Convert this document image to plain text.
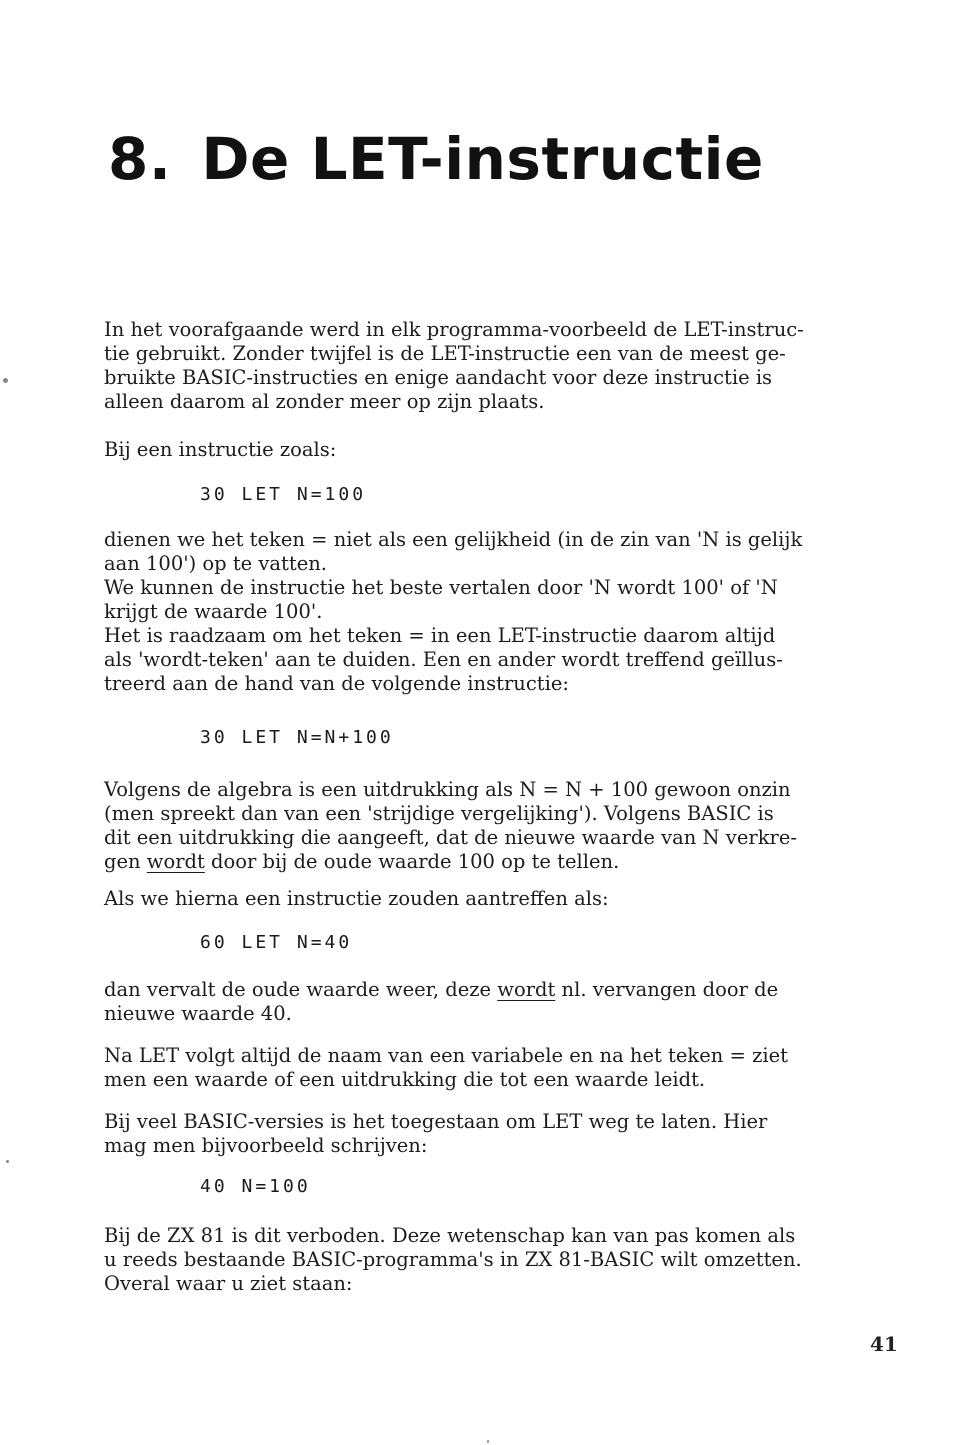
8. De LET-instructie
In het voorafgaande werd in elk programma-voorbeeld de LET-instruc-
tie gebruikt. Zonder twijfel is de LET-instructie een van de meest ge-
bruikte BASIC-instructies en enige aandacht voor deze instructie is
alleen daarom al zonder meer op zijn plaats.
Bij een instructie zoals:
30 LET N=100
dienen we het teken = niet als een gelijkheid (in de zin van 'N is gelijk
aan 100') op te vatten.
We kunnen de instructie het beste vertalen door 'N wordt 100' of 'N
krijgt de waarde 100'.
Het is raadzaam om het teken = in een LET-instructie daarom altijd
als 'wordt-teken' aan te duiden. Een en ander wordt treffend geïllus-
treerd aan de hand van de volgende instructie:
30 LET N=N+100
Volgens de algebra is een uitdrukking als N = N + 100 gewoon onzin
(men spreekt dan van een 'strijdige vergelijking'). Volgens BASIC is
dit een uitdrukking die aangeeft, dat de nieuwe waarde van N verkre-
gen wordt door bij de oude waarde 100 op te tellen.
Als we hierna een instructie zouden aantreffen als:
60 LET N=40
dan vervalt de oude waarde weer, deze wordt nl. vervangen door de
nieuwe waarde 40.
Na LET volgt altijd de naam van een variabele en na het teken = ziet
men een waarde of een uitdrukking die tot een waarde leidt.
Bij veel BASIC-versies is het toegestaan om LET weg te laten. Hier
mag men bijvoorbeeld schrijven:
40 N=100
Bij de ZX 81 is dit verboden. Deze wetenschap kan van pas komen als
u reeds bestaande BASIC-programma's in ZX 81-BASIC wilt omzetten.
Overal waar u ziet staan:
41
